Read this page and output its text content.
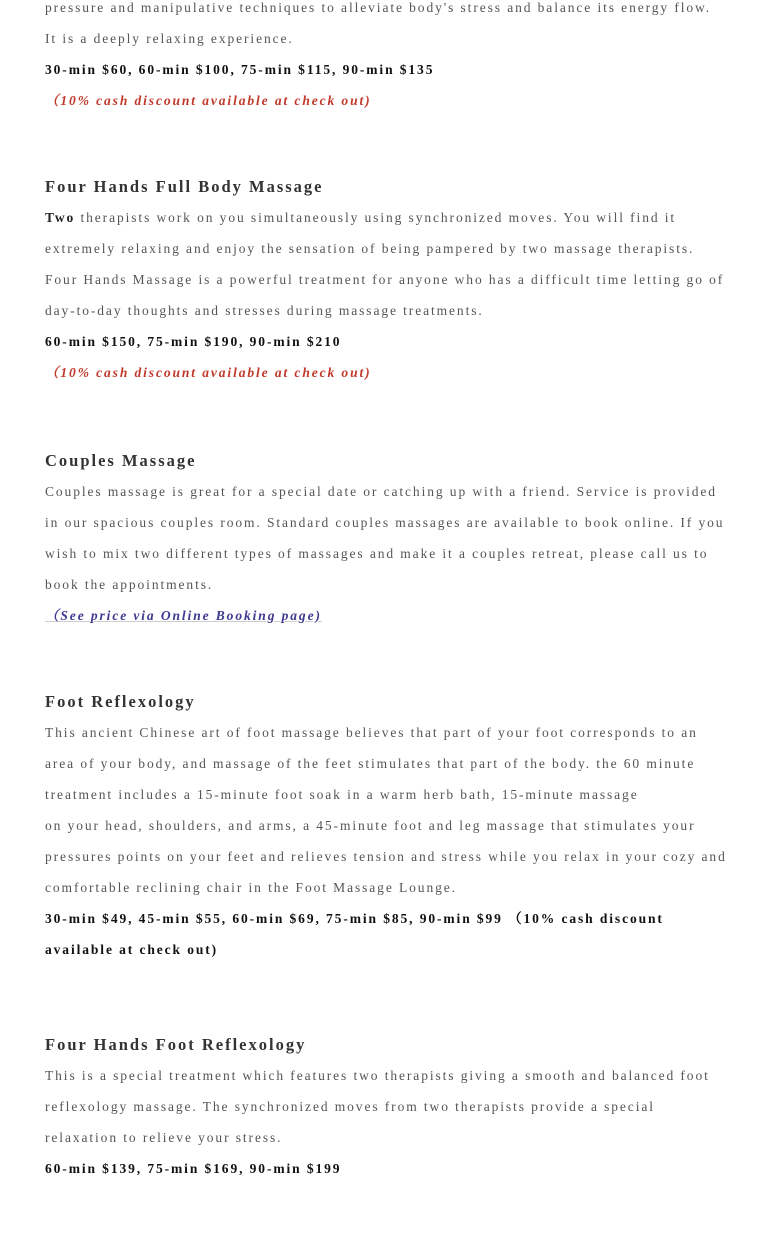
pressure and manipulative techniques to alleviate body's stress and balance its energy flow. It is a deeply relaxing experience.

30-min $60, 60-min $100, 75-min $115, 90-min $135

（10% cash discount available at check out)

Four Hands Full Body Massage

Two therapists work on you simultaneously using synchronized moves. You will find it extremely relaxing and enjoy the sensation of being pampered by two massage therapists. Four Hands Massage is a powerful treatment for anyone who has a difficult time letting go of day-to-day thoughts and stresses during massage treatments.

60-min $150, 75-min $190, 90-min $210

（10% cash discount available at check out)

Couples Massage

Couples massage is great for a special date or catching up with a friend. Service is provided in our spacious couples room. Standard couples massages are available to book online. If you wish to mix two different types of massages and make it a couples retreat, please call us to book the appointments.

（See price via Online Booking page)

Foot Reflexology

This ancient Chinese art of foot massage believes that part of your foot corresponds to an area of your body, and massage of the feet stimulates that part of the body. the 60 minute treatment includes a 15-minute foot soak in a warm herb bath, 15-minute massage

on your head, shoulders, and arms, a 45-minute foot and leg massage that stimulates your pressures points on your feet and relieves tension and stress while you relax in your cozy and comfortable reclining chair in the Foot Massage Lounge.

30-min $49, 45-min $55, 60-min $69, 75-min $85, 90-min $99 （10% cash discount available at check out)

Four Hands Foot Reflexology

This is a special treatment which features two therapists giving a smooth and balanced foot reflexology massage. The synchronized moves from two therapists provide a special relaxation to relieve your stress.

60-min $139, 75-min $169, 90-min $199
